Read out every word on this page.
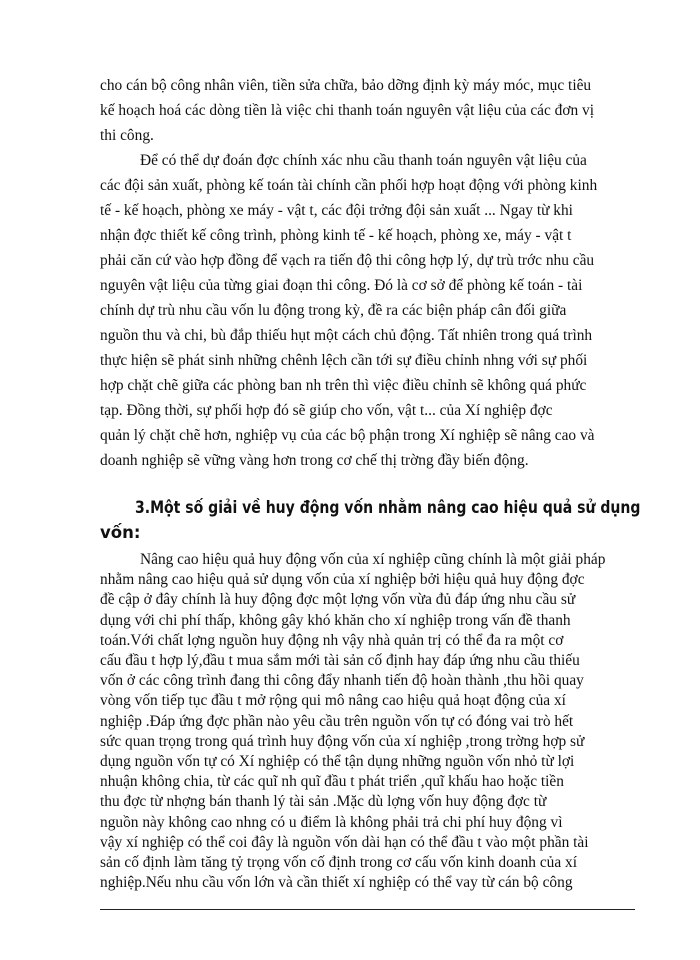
cho cán bộ công nhân viên, tiền sửa chữa, bảo dỡng định kỳ máy móc, mục tiêu
kế hoạch hoá các dòng tiền là việc chi thanh toán nguyên vật liệu của các đơn vị
thi công.
Để có thể dự đoán đợc chính xác nhu cầu thanh toán nguyên vật liệu của
các đội sản xuất, phòng kế toán tài chính cần phối hợp hoạt động với phòng kinh
tế - kế hoạch, phòng xe máy - vật t, các đội trởng đội sản xuất ... Ngay từ khi
nhận đợc thiết kế công trình, phòng kinh tế - kế hoạch, phòng xe, máy - vật t
phải căn cứ vào hợp đồng để vạch ra tiến độ thi công hợp lý, dự trù trớc nhu cầu
nguyên vật liệu của từng giai đoạn thi công. Đó là cơ sở để phòng kế toán - tài
chính dự trù nhu cầu vốn lu động trong kỳ, đề ra các biện pháp cân đối giữa
nguồn thu và chi, bù đắp thiếu hụt một cách chủ động. Tất nhiên trong quá trình
thực hiện sẽ phát sinh những chênh lệch cần tới sự điều chỉnh nhng với sự phối
hợp chặt chẽ giữa các phòng ban nh trên thì việc điều chỉnh sẽ không quá phức
tạp. Đồng thời, sự phối hợp đó sẽ giúp cho vốn, vật t... của Xí nghiệp đợc
quản lý chặt chẽ hơn, nghiệp vụ của các bộ phận trong Xí nghiệp sẽ nâng cao và
doanh nghiệp sẽ vững vàng hơn trong cơ chế thị trờng đầy biến động.
3.Một số giải về huy động vốn nhằm nâng cao hiệu quả sử dụng
vốn:
Nâng cao hiệu quả huy động vốn của xí nghiệp cũng chính là một giải pháp
nhằm nâng cao hiệu quả sử dụng vốn của xí nghiệp bởi hiệu quả huy động đợc
đề cập ở đây chính là huy động đợc một lợng vốn vừa đủ đáp ứng nhu cầu sử
dụng với chi phí thấp, không gây khó khăn cho xí nghiệp trong vấn đề thanh
toán.Với chất lợng nguồn huy động nh vậy nhà quản trị có thể đa ra một cơ
cấu đầu t hợp lý,đầu t mua sắm mới tài sản cố định hay đáp ứng nhu cầu thiếu
vốn ở các công trình đang thi công đẩy nhanh tiến độ hoàn thành ,thu hồi quay
vòng vốn tiếp tục đầu t mở rộng qui mô nâng cao hiệu quả hoạt động của xí
nghiệp .Đáp ứng đợc phần nào yêu cầu trên nguồn vốn tự có đóng vai trò hết
sức quan trọng trong quá trình huy động vốn của xí nghiệp ,trong trờng hợp sử
dụng nguồn vốn tự có Xí nghiệp có thể tận dụng những nguồn vốn nhỏ từ lợi
nhuận không chia, từ các quĩ nh quĩ đầu t phát triển ,quĩ khấu hao hoặc tiền
thu đợc từ nhợng bán thanh lý tài sản .Mặc dù lợng vốn huy động đợc từ
nguồn này không cao nhng có u điểm là không phải trả chi phí huy động vì
vậy xí nghiệp có thể coi đây là nguồn vốn dài hạn có thể đầu t vào một phần tài
sản cố định làm tăng tỷ trọng vốn cố định trong cơ cấu vốn kinh doanh của xí
nghiệp.Nếu nhu cầu vốn lớn và cần thiết xí nghiệp có thể vay từ cán bộ công
